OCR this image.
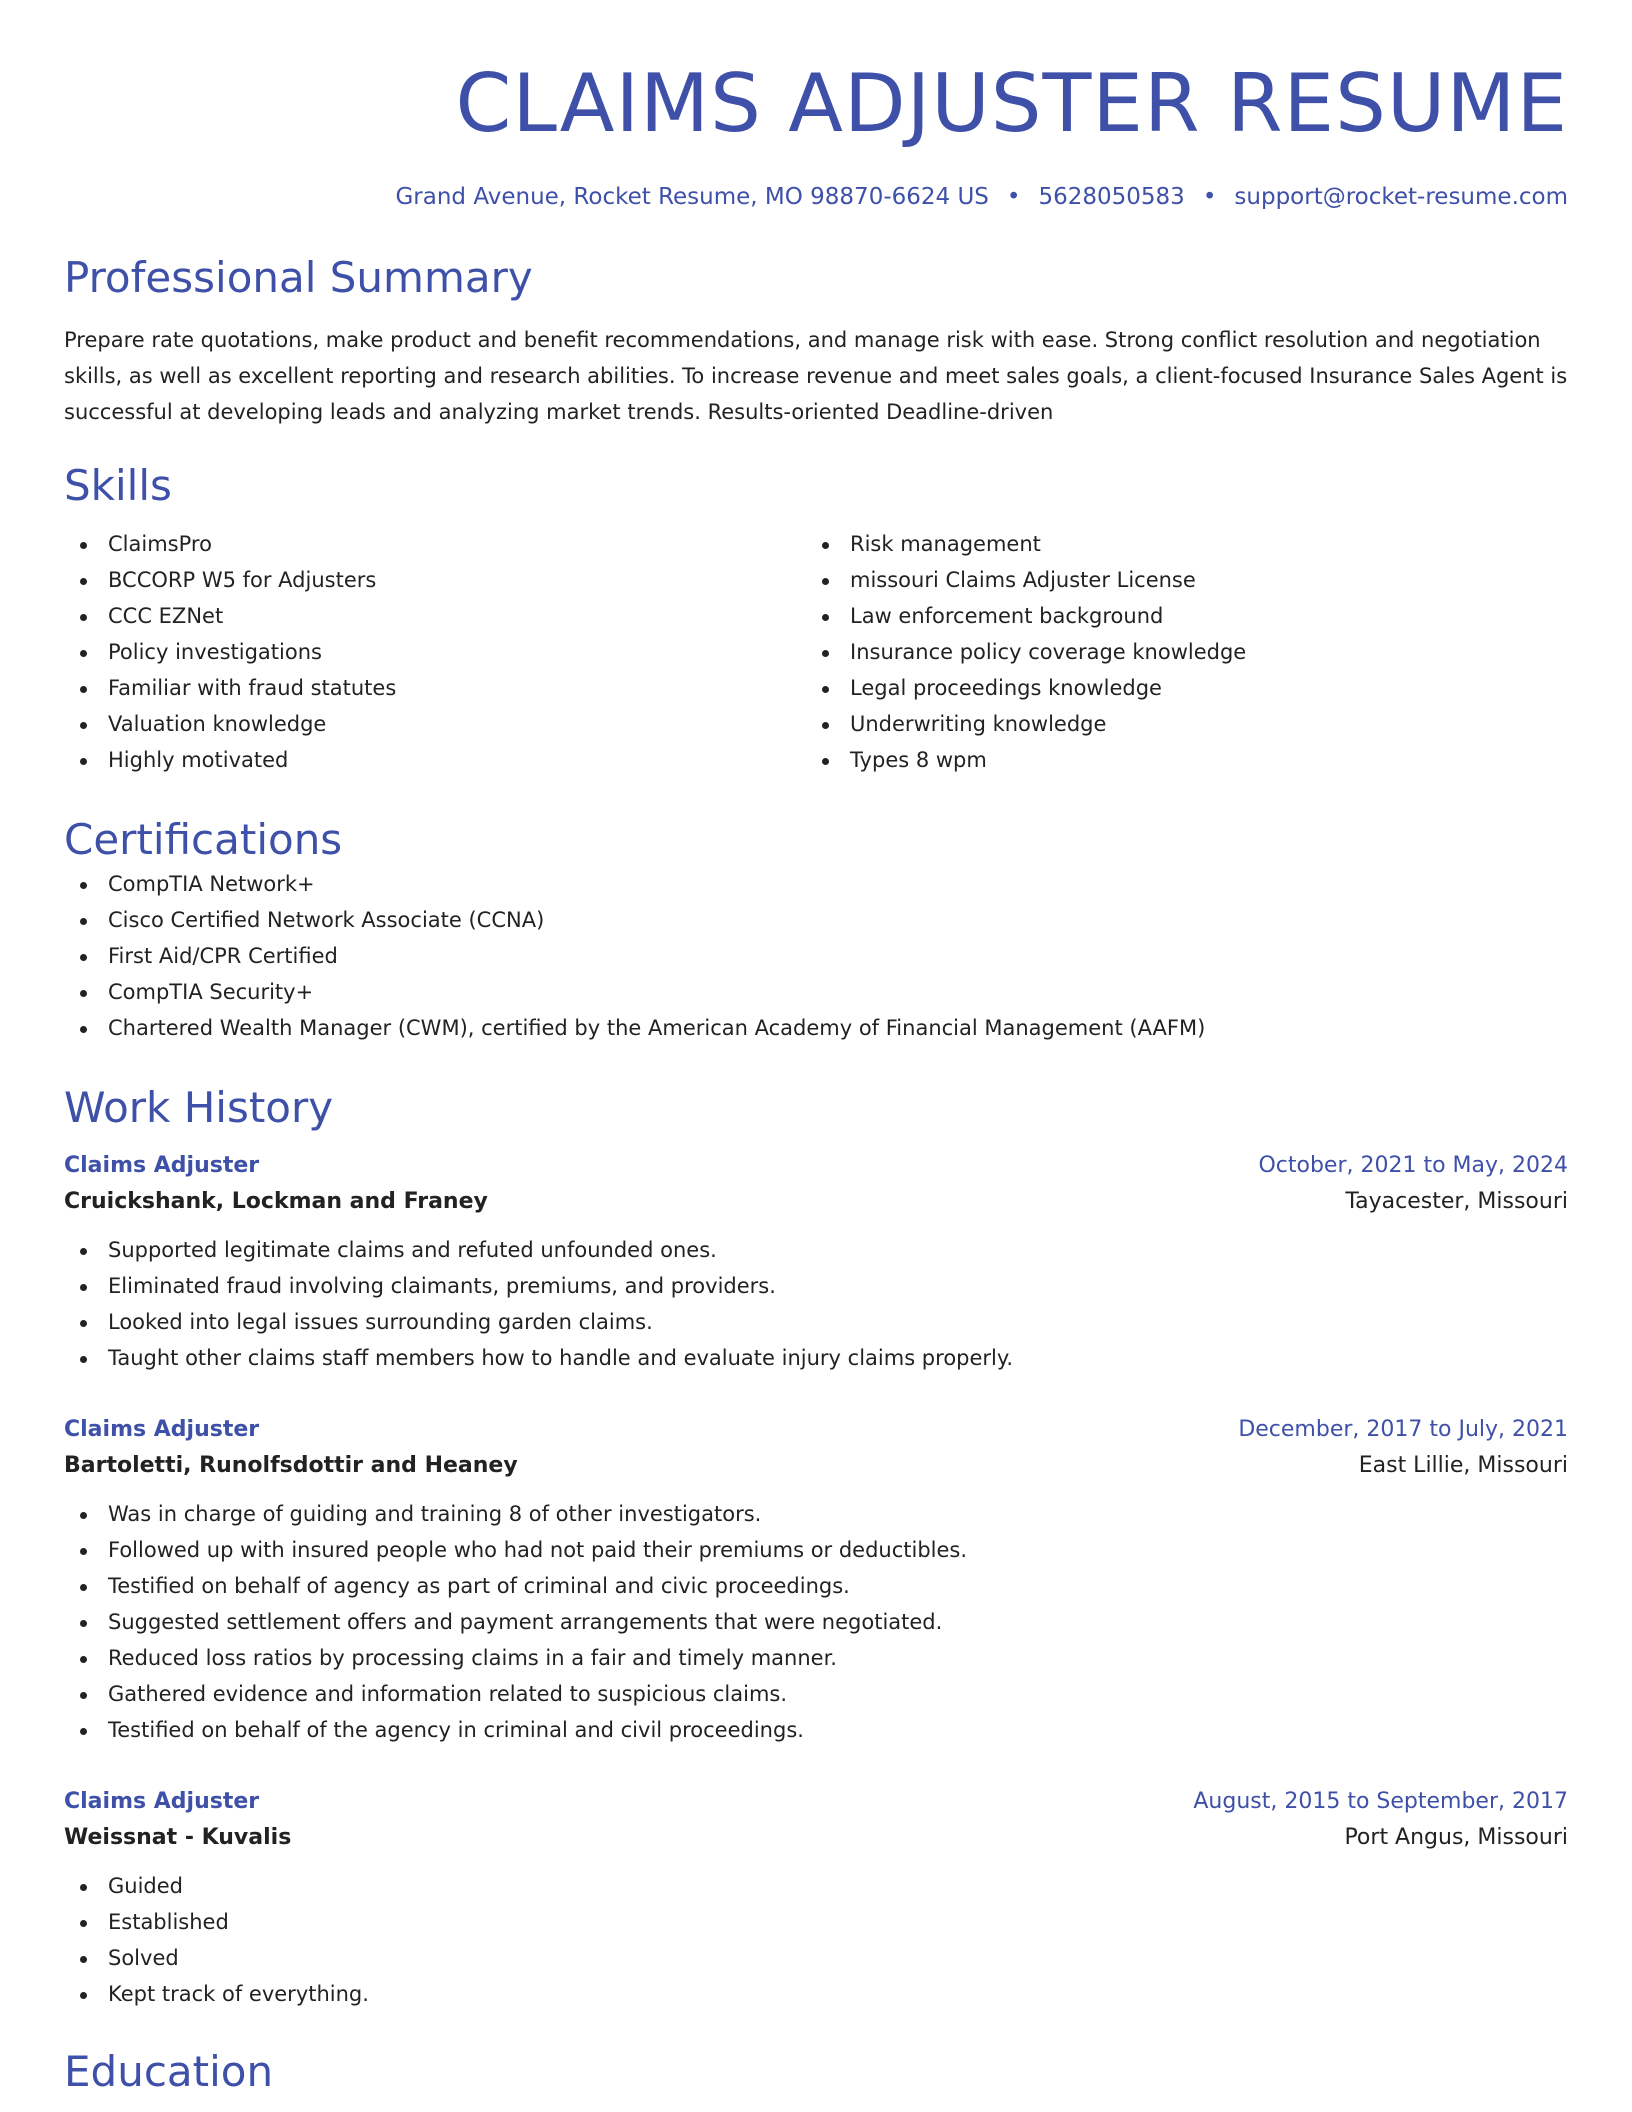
CLAIMS ADJUSTER RESUME
Grand Avenue, Rocket Resume, MO 98870-6624 US • 5628050583 • support@rocket-resume.com
Professional Summary

Prepare rate quotations, make product and benefit recommendations, and manage risk with ease. Strong conflict resolution and negotiation skills, as well as excellent reporting and research abilities. To increase revenue and meet sales goals, a client-focused Insurance Sales Agent is successful at developing leads and analyzing market trends. Results-oriented Deadline-driven

Skills
ClaimsPro
BCCORP W5 for Adjusters
CCC EZNet
Policy investigations
Familiar with fraud statutes
Valuation knowledge
Highly motivated
Risk management
missouri Claims Adjuster License
Law enforcement background
Insurance policy coverage knowledge
Legal proceedings knowledge
Underwriting knowledge
Types 8 wpm
Certifications
CompTIA Network+
Cisco Certified Network Associate (CCNA)
First Aid/CPR Certified
CompTIA Security+
Chartered Wealth Manager (CWM), certified by the American Academy of Financial Management (AAFM)
Work History
Claims Adjuster	October, 2021 to May, 2024
Cruickshank, Lockman and Franey	Tayacester, Missouri
Supported legitimate claims and refuted unfounded ones.
Eliminated fraud involving claimants, premiums, and providers.
Looked into legal issues surrounding garden claims.
Taught other claims staff members how to handle and evaluate injury claims properly.
Claims Adjuster	December, 2017 to July, 2021
Bartoletti, Runolfsdottir and Heaney	East Lillie, Missouri
Was in charge of guiding and training 8 of other investigators.
Followed up with insured people who had not paid their premiums or deductibles.
Testified on behalf of agency as part of criminal and civic proceedings.
Suggested settlement offers and payment arrangements that were negotiated.
Reduced loss ratios by processing claims in a fair and timely manner.
Gathered evidence and information related to suspicious claims.
Testified on behalf of the agency in criminal and civil proceedings.
Claims Adjuster	August, 2015 to September, 2017
Weissnat - Kuvalis	Port Angus, Missouri
Guided
Established
Solved
Kept track of everything.
Education
